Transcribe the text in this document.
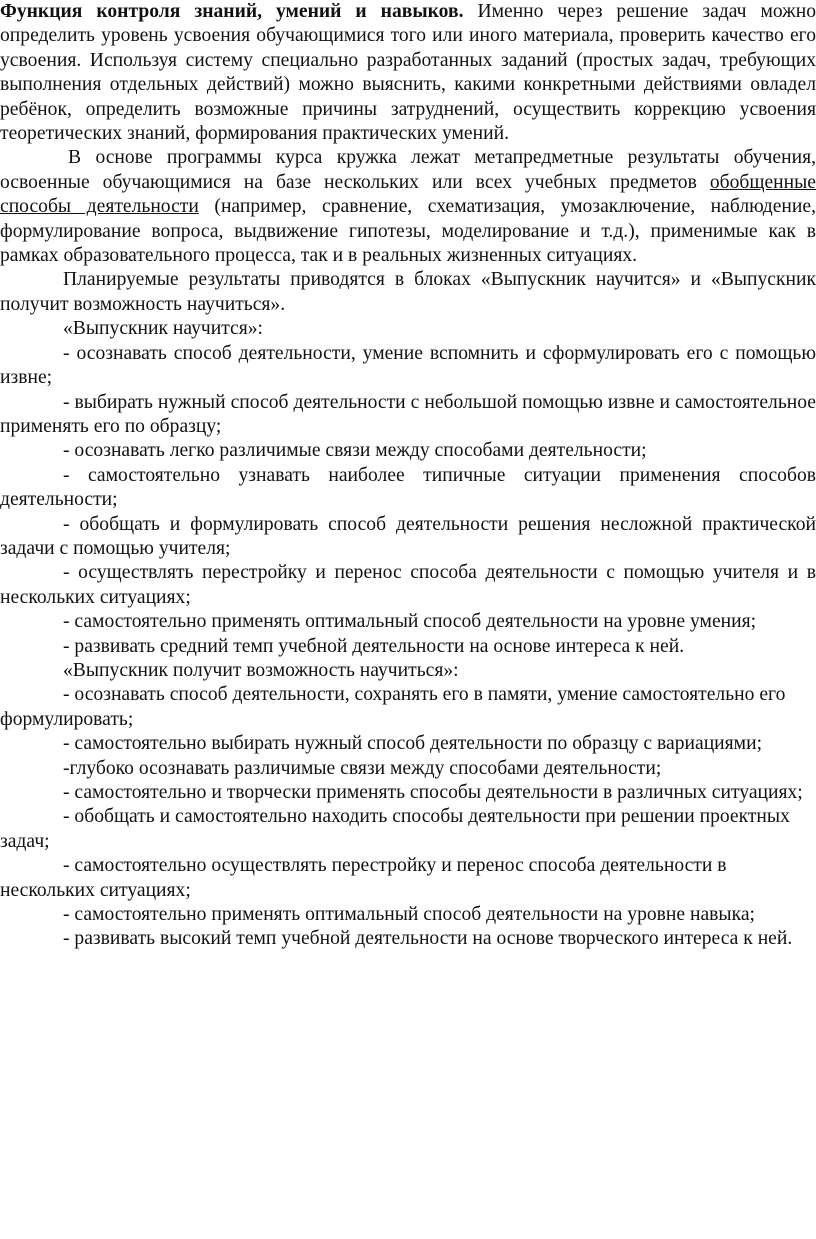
Функция контроля знаний, умений и навыков. Именно через решение задач можно определить уровень усвоения обучающимися того или иного материала, проверить качество его усвоения. Используя систему специально разработанных заданий (простых задач, требующих выполнения отдельных действий) можно выяснить, какими конкретными действиями овладел ребёнок, определить возможные причины затруднений, осуществить коррекцию усвоения теоретических знаний, формирования практических умений.

В основе программы курса кружка лежат метапредметные результаты обучения, освоенные обучающимися на базе нескольких или всех учебных предметов обобщенные способы деятельности (например, сравнение, схематизация, умозаключение, наблюдение, формулирование вопроса, выдвижение гипотезы, моделирование и т.д.), применимые как в рамках образовательного процесса, так и в реальных жизненных ситуациях.

Планируемые результаты приводятся в блоках «Выпускник научится» и «Выпускник получит возможность научиться».

«Выпускник научится»:

- осознавать способ деятельности, умение вспомнить и сформулировать его с помощью извне;

- выбирать нужный способ деятельности с небольшой помощью извне и самостоятельное применять его по образцу;

- осознавать легко различимые связи между способами деятельности;

- самостоятельно узнавать наиболее типичные ситуации применения способов деятельности;

- обобщать и формулировать способ деятельности решения несложной практической задачи с помощью учителя;

- осуществлять перестройку и перенос способа деятельности с помощью учителя и в нескольких ситуациях;

- самостоятельно применять оптимальный способ деятельности на уровне умения;

- развивать средний темп учебной деятельности на основе интереса к ней.

«Выпускник получит возможность научиться»:

- осознавать способ деятельности, сохранять его в памяти, умение самостоятельно его формулировать;

- самостоятельно выбирать нужный способ деятельности по образцу с вариациями;

-глубоко осознавать различимые связи между способами деятельности;

- самостоятельно и творчески применять способы деятельности в различных ситуациях;

- обобщать и самостоятельно находить способы деятельности при решении проектных задач;

- самостоятельно осуществлять перестройку и перенос способа деятельности в нескольких ситуациях;

- самостоятельно применять оптимальный способ деятельности на уровне навыка;

- развивать высокий темп учебной деятельности на основе творческого интереса к ней.
